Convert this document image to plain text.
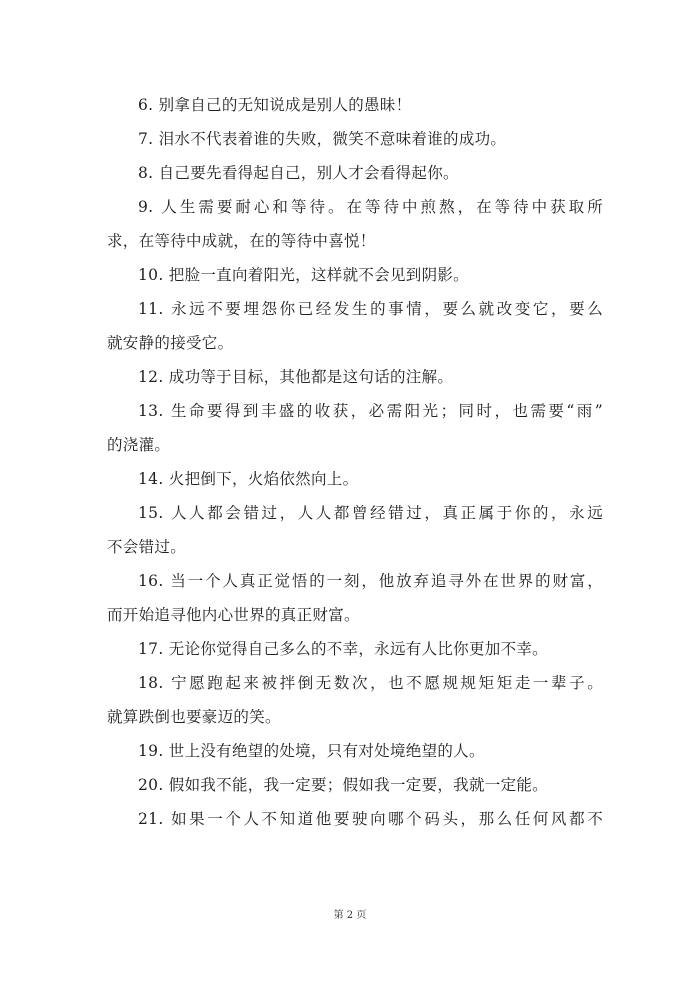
6. 别拿自己的无知说成是别人的愚昧！
7. 泪水不代表着谁的失败，微笑不意味着谁的成功。
8. 自己要先看得起自己，别人才会看得起你。
9. 人生需要耐心和等待。在等待中煎熬，在等待中获取所
求，在等待中成就，在的等待中喜悦！
10. 把脸一直向着阳光，这样就不会见到阴影。
11. 永远不要埋怨你已经发生的事情，要么就改变它，要么
就安静的接受它。
12. 成功等于目标，其他都是这句话的注解。
13. 生命要得到丰盛的收获，必需阳光；同时，也需要“雨”
的浇灌。
14. 火把倒下，火焰依然向上。
15. 人人都会错过，人人都曾经错过，真正属于你的，永远
不会错过。
16. 当一个人真正觉悟的一刻，他放弃追寻外在世界的财富，
而开始追寻他内心世界的真正财富。
17. 无论你觉得自己多么的不幸，永远有人比你更加不幸。
18. 宁愿跑起来被拌倒无数次，也不愿规规矩矩走一辈子。
就算跌倒也要豪迈的笑。
19. 世上没有绝望的处境，只有对处境绝望的人。
20. 假如我不能，我一定要；假如我一定要，我就一定能。
21. 如果一个人不知道他要驶向哪个码头，那么任何风都不
第 2 页
